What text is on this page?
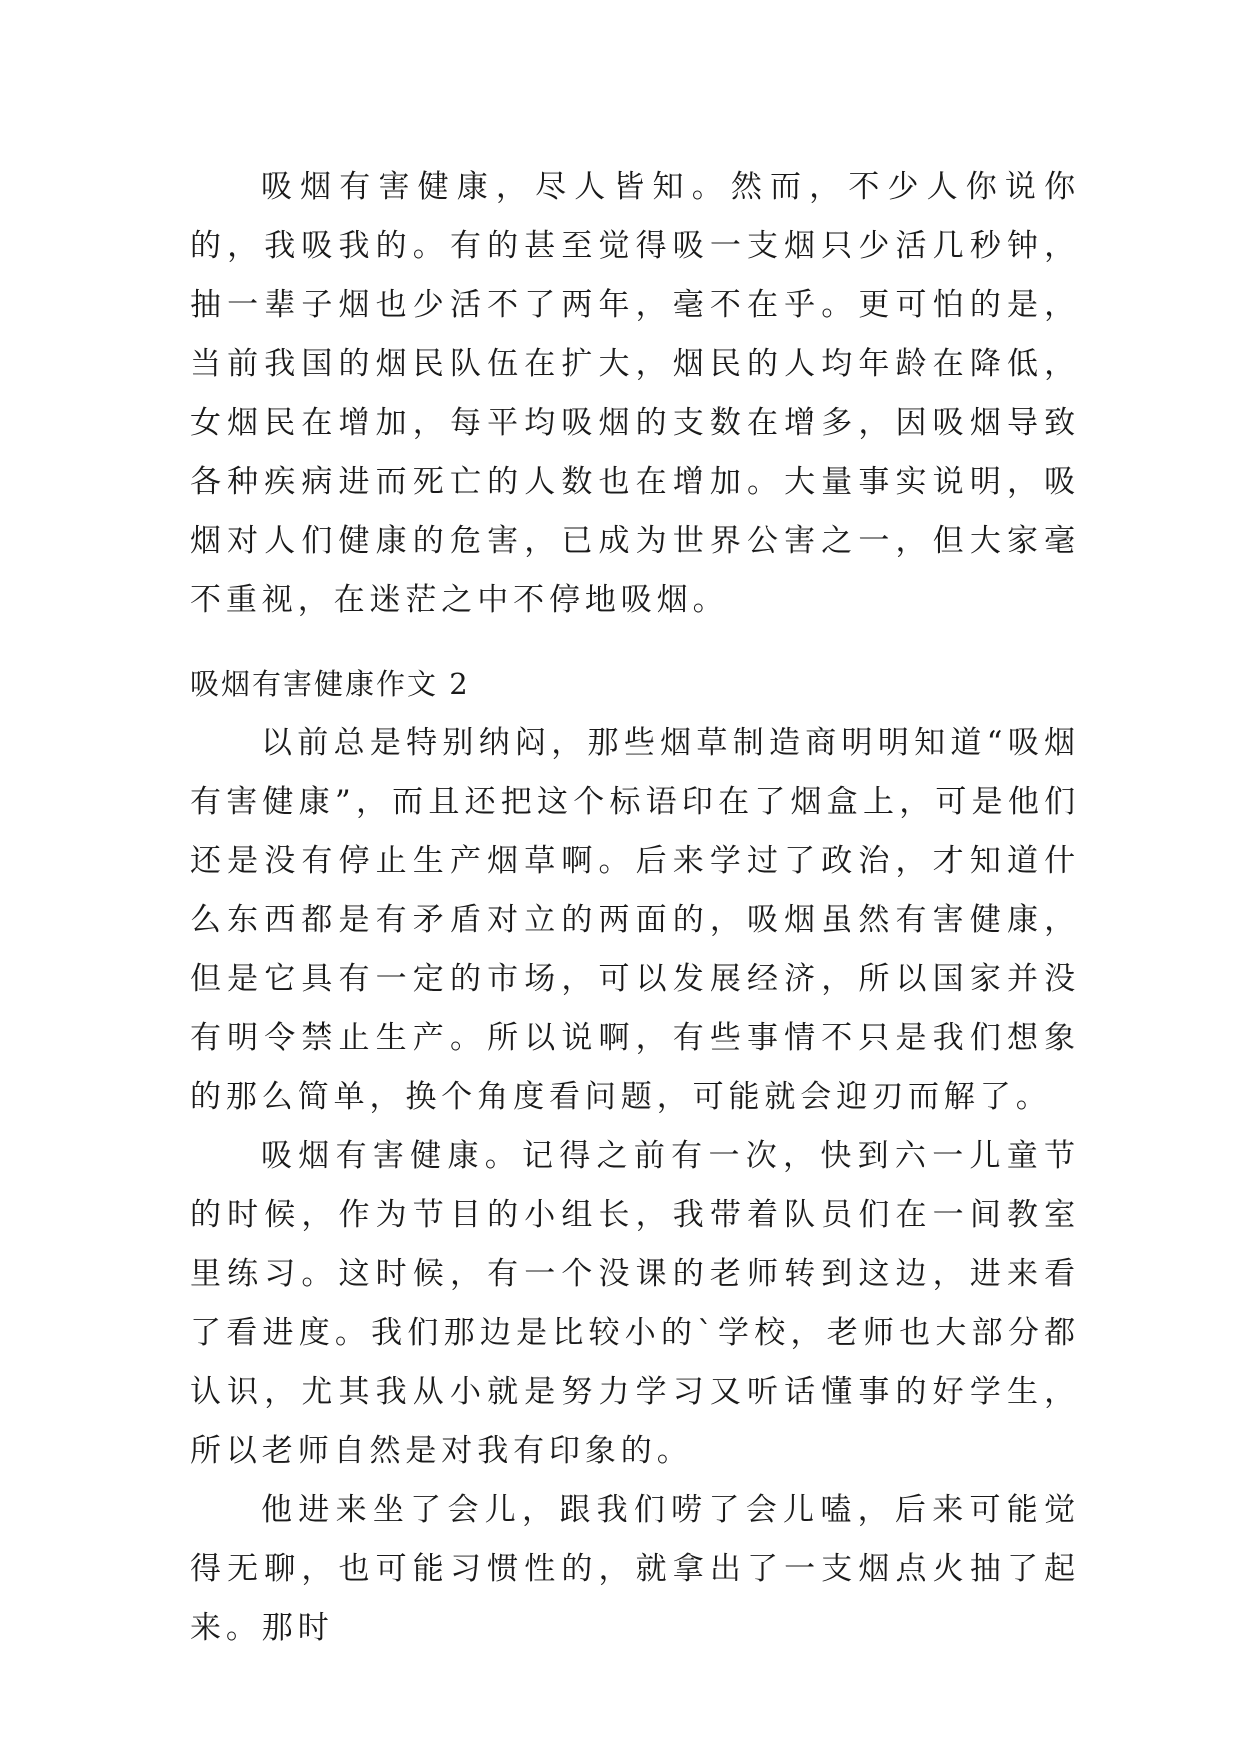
吸烟有害健康，尽人皆知。然而，不少人你说你的，我吸我的。有的甚至觉得吸一支烟只少活几秒钟，抽一辈子烟也少活不了两年，毫不在乎。更可怕的是，当前我国的烟民队伍在扩大，烟民的人均年龄在降低，女烟民在增加，每平均吸烟的支数在增多，因吸烟导致各种疾病进而死亡的人数也在增加。大量事实说明，吸烟对人们健康的危害，已成为世界公害之一，但大家毫不重视，在迷茫之中不停地吸烟。

吸烟有害健康作文 2

以前总是特别纳闷，那些烟草制造商明明知道“吸烟有害健康”，而且还把这个标语印在了烟盒上，可是他们还是没有停止生产烟草啊。后来学过了政治，才知道什么东西都是有矛盾对立的两面的，吸烟虽然有害健康，但是它具有一定的市场，可以发展经济，所以国家并没有明令禁止生产。所以说啊，有些事情不只是我们想象的那么简单，换个角度看问题，可能就会迎刃而解了。

吸烟有害健康。记得之前有一次，快到六一儿童节的时候，作为节目的小组长，我带着队员们在一间教室里练习。这时候，有一个没课的老师转到这边，进来看了看进度。我们那边是比较小的`学校，老师也大部分都认识，尤其我从小就是努力学习又听话懂事的好学生，所以老师自然是对我有印象的。

他进来坐了会儿，跟我们唠了会儿嗑，后来可能觉得无聊，也可能习惯性的，就拿出了一支烟点火抽了起来。那时
